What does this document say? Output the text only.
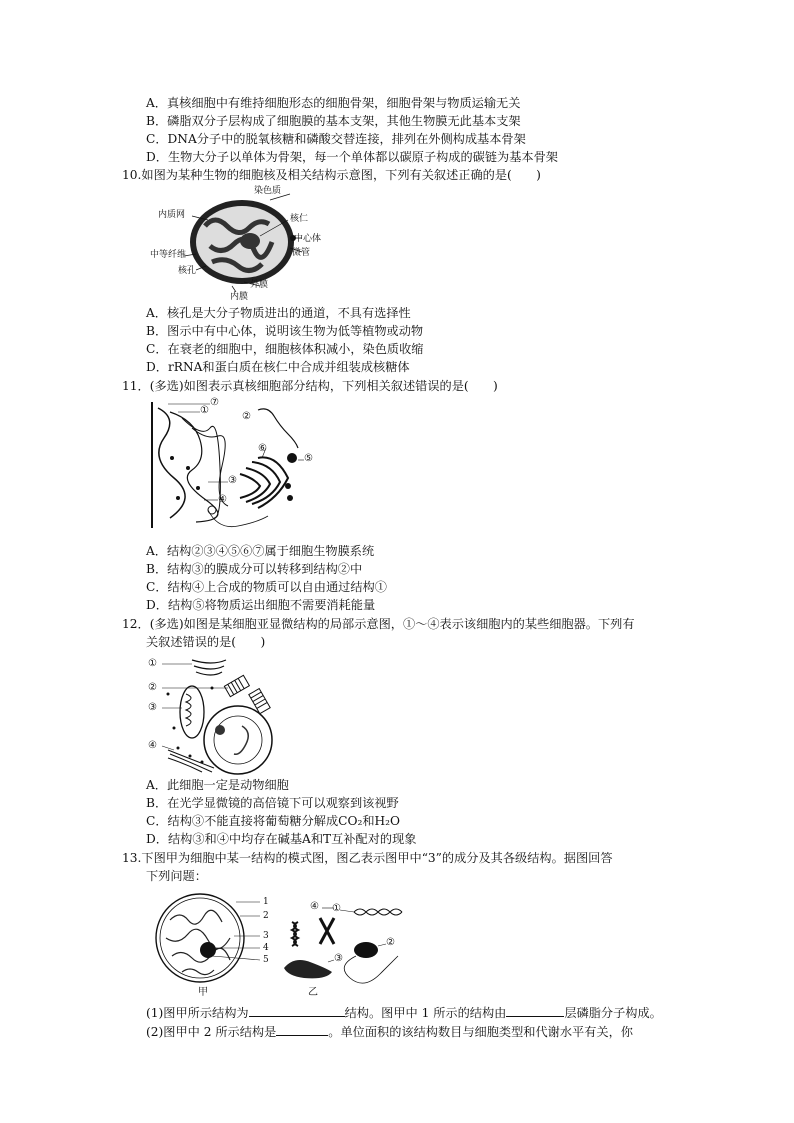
A．真核细胞中有维持细胞形态的细胞骨架，细胞骨架与物质运输无关
B．磷脂双分子层构成了细胞膜的基本支架，其他生物膜无此基本支架
C．DNA分子中的脱氧核糖和磷酸交替连接，排列在外侧构成基本骨架
D．生物大分子以单体为骨架，每一个单体都以碳原子构成的碳链为基本骨架
10.如图为某种生物的细胞核及相关结构示意图，下列有关叙述正确的是(　　)
染色质
内质网	核仁
中心体
微管
中等纤维
核孔
外膜
内膜
A．核孔是大分子物质进出的通道，不具有选择性
B．图示中有中心体，说明该生物为低等植物或动物
C．在衰老的细胞中，细胞核体积减小，染色质收缩
D．rRNA和蛋白质在核仁中合成并组装成核糖体
11．(多选)如图表示真核细胞部分结构，下列相关叙述错误的是(　　)
⑦
①
②
⑥
⑤
③
④
A．结构②③④⑤⑥⑦属于细胞生物膜系统
B．结构③的膜成分可以转移到结构②中
C．结构④上合成的物质可以自由通过结构①
D．结构⑤将物质运出细胞不需要消耗能量
12．(多选)如图是某细胞亚显微结构的局部示意图，①～④表示该细胞内的某些细胞器。下列有
关叙述错误的是(　　)
①
②
③
④
A．此细胞一定是动物细胞
B．在光学显微镜的高倍镜下可以观察到该视野
C．结构③不能直接将葡萄糖分解成CO₂和H₂O
D．结构③和④中均存在碱基A和T互补配对的现象
13.下图甲为细胞中某一结构的模式图，图乙表示图甲中“3”的成分及其各级结构。据图回答
下列问题：
1
2
3
4
5
甲
④ ①
②
③
乙
(1)图甲所示结构为	结构。图甲中 1 所示的结构由	层磷脂分子构成。
(2)图甲中 2 所示结构是	。单位面积的该结构数目与细胞类型和代谢水平有关，你
